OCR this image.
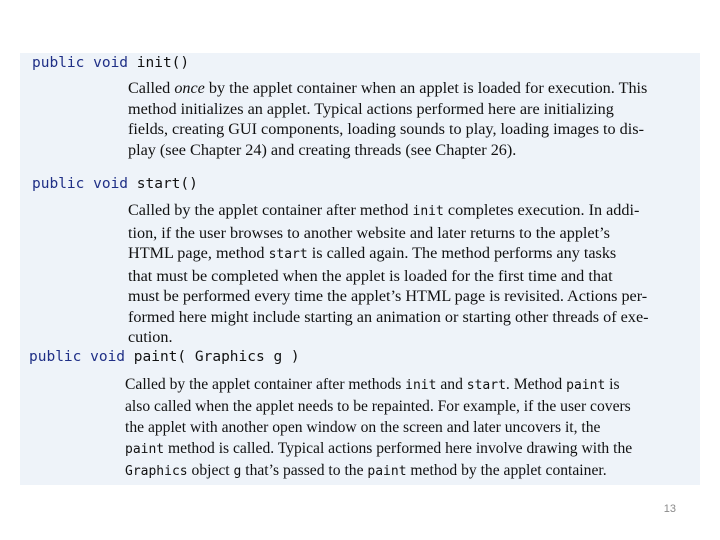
public void init()
Called once by the applet container when an applet is loaded for execution. This
method initializes an applet. Typical actions performed here are initializing
fields, creating GUI components, loading sounds to play, loading images to dis-
play (see Chapter 24) and creating threads (see Chapter 26).
public void start()
Called by the applet container after method init completes execution. In addi-
tion, if the user browses to another website and later returns to the applet’s
HTML page, method start is called again. The method performs any tasks
that must be completed when the applet is loaded for the first time and that
must be performed every time the applet’s HTML page is revisited. Actions per-
formed here might include starting an animation or starting other threads of exe-
cution.
public void paint( Graphics g )
Called by the applet container after methods init and start. Method paint is
also called when the applet needs to be repainted. For example, if the user covers
the applet with another open window on the screen and later uncovers it, the
paint method is called. Typical actions performed here involve drawing with the
Graphics object g that’s passed to the paint method by the applet container.
13
